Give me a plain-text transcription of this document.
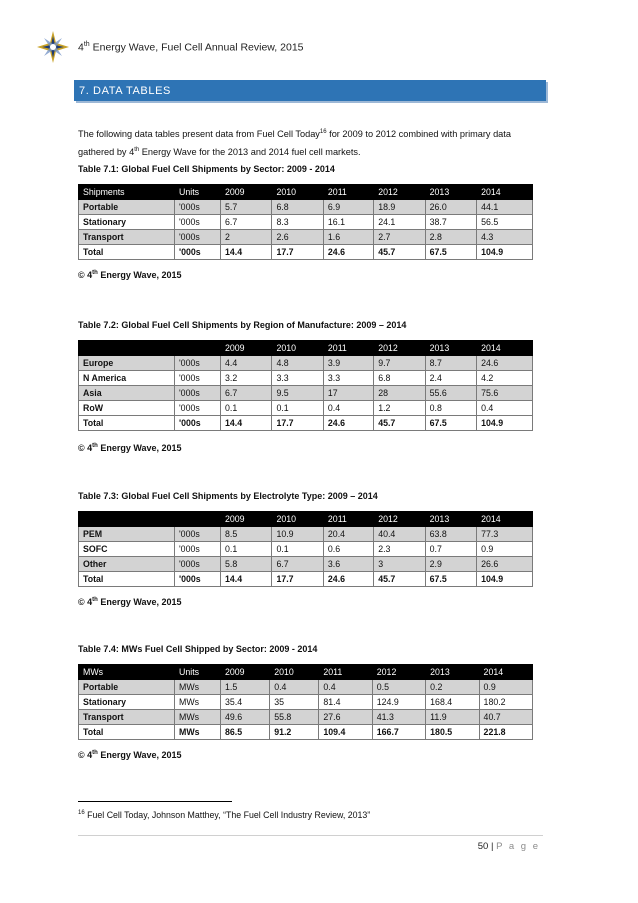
4th Energy Wave, Fuel Cell Annual Review, 2015
7. DATA TABLES
The following data tables present data from Fuel Cell Today$^{16}$ for 2009 to 2012 combined with primary data gathered by 4th Energy Wave for the 2013 and 2014 fuel cell markets.
Table 7.1: Global Fuel Cell Shipments by Sector: 2009 - 2014
Shipments	Units	2009	2010	2011	2012	2013	2014
Portable	'000s	5.7	6.8	6.9	18.9	26.0	44.1
Stationary	'000s	6.7	8.3	16.1	24.1	38.7	56.5
Transport	'000s	2	2.6	1.6	2.7	2.8	4.3
Total	'000s	14.4	17.7	24.6	45.7	67.5	104.9
© 4th Energy Wave, 2015
Table 7.2: Global Fuel Cell Shipments by Region of Manufacture: 2009 – 2014
		2009	2010	2011	2012	2013	2014
Europe	'000s	4.4	4.8	3.9	9.7	8.7	24.6
N America	'000s	3.2	3.3	3.3	6.8	2.4	4.2
Asia	'000s	6.7	9.5	17	28	55.6	75.6
RoW	'000s	0.1	0.1	0.4	1.2	0.8	0.4
Total	'000s	14.4	17.7	24.6	45.7	67.5	104.9
© 4th Energy Wave, 2015
Table 7.3: Global Fuel Cell Shipments by Electrolyte Type: 2009 – 2014
		2009	2010	2011	2012	2013	2014
PEM	'000s	8.5	10.9	20.4	40.4	63.8	77.3
SOFC	'000s	0.1	0.1	0.6	2.3	0.7	0.9
Other	'000s	5.8	6.7	3.6	3	2.9	26.6
Total	'000s	14.4	17.7	24.6	45.7	67.5	104.9
© 4th Energy Wave, 2015
Table 7.4: MWs Fuel Cell Shipped by Sector: 2009 - 2014
MWs	Units	2009	2010	2011	2012	2013	2014
Portable	MWs	1.5	0.4	0.4	0.5	0.2	0.9
Stationary	MWs	35.4	35	81.4	124.9	168.4	180.2
Transport	MWs	49.6	55.8	27.6	41.3	11.9	40.7
Total	MWs	86.5	91.2	109.4	166.7	180.5	221.8
© 4th Energy Wave, 2015
$^{16}$ Fuel Cell Today, Johnson Matthey, “The Fuel Cell Industry Review, 2013”
50 | P a g e
